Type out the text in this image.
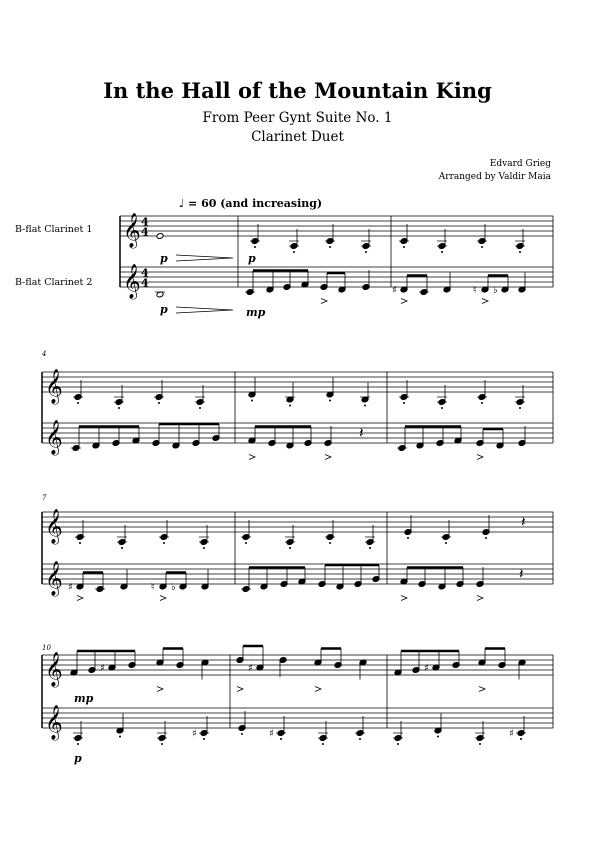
In the Hall of the Mountain King
From Peer Gynt Suite No. 1
Clarinet Duet
Edvard Grieg
Arranged by Valdir Maia
B-flat Clarinet 1
B-flat Clarinet 2
♩ = 60 (and increasing)
𝄞
𝄞
4
4
4
4
p
p	mp
p
♯	♮ ♭
4
𝄞
𝄞	𝄽
7
𝄞
𝄞
𝄽
♯	♮ ♭
𝄽
10
𝄞
𝄞
♯
mp
♯	♯
♯
p
♯	♯
